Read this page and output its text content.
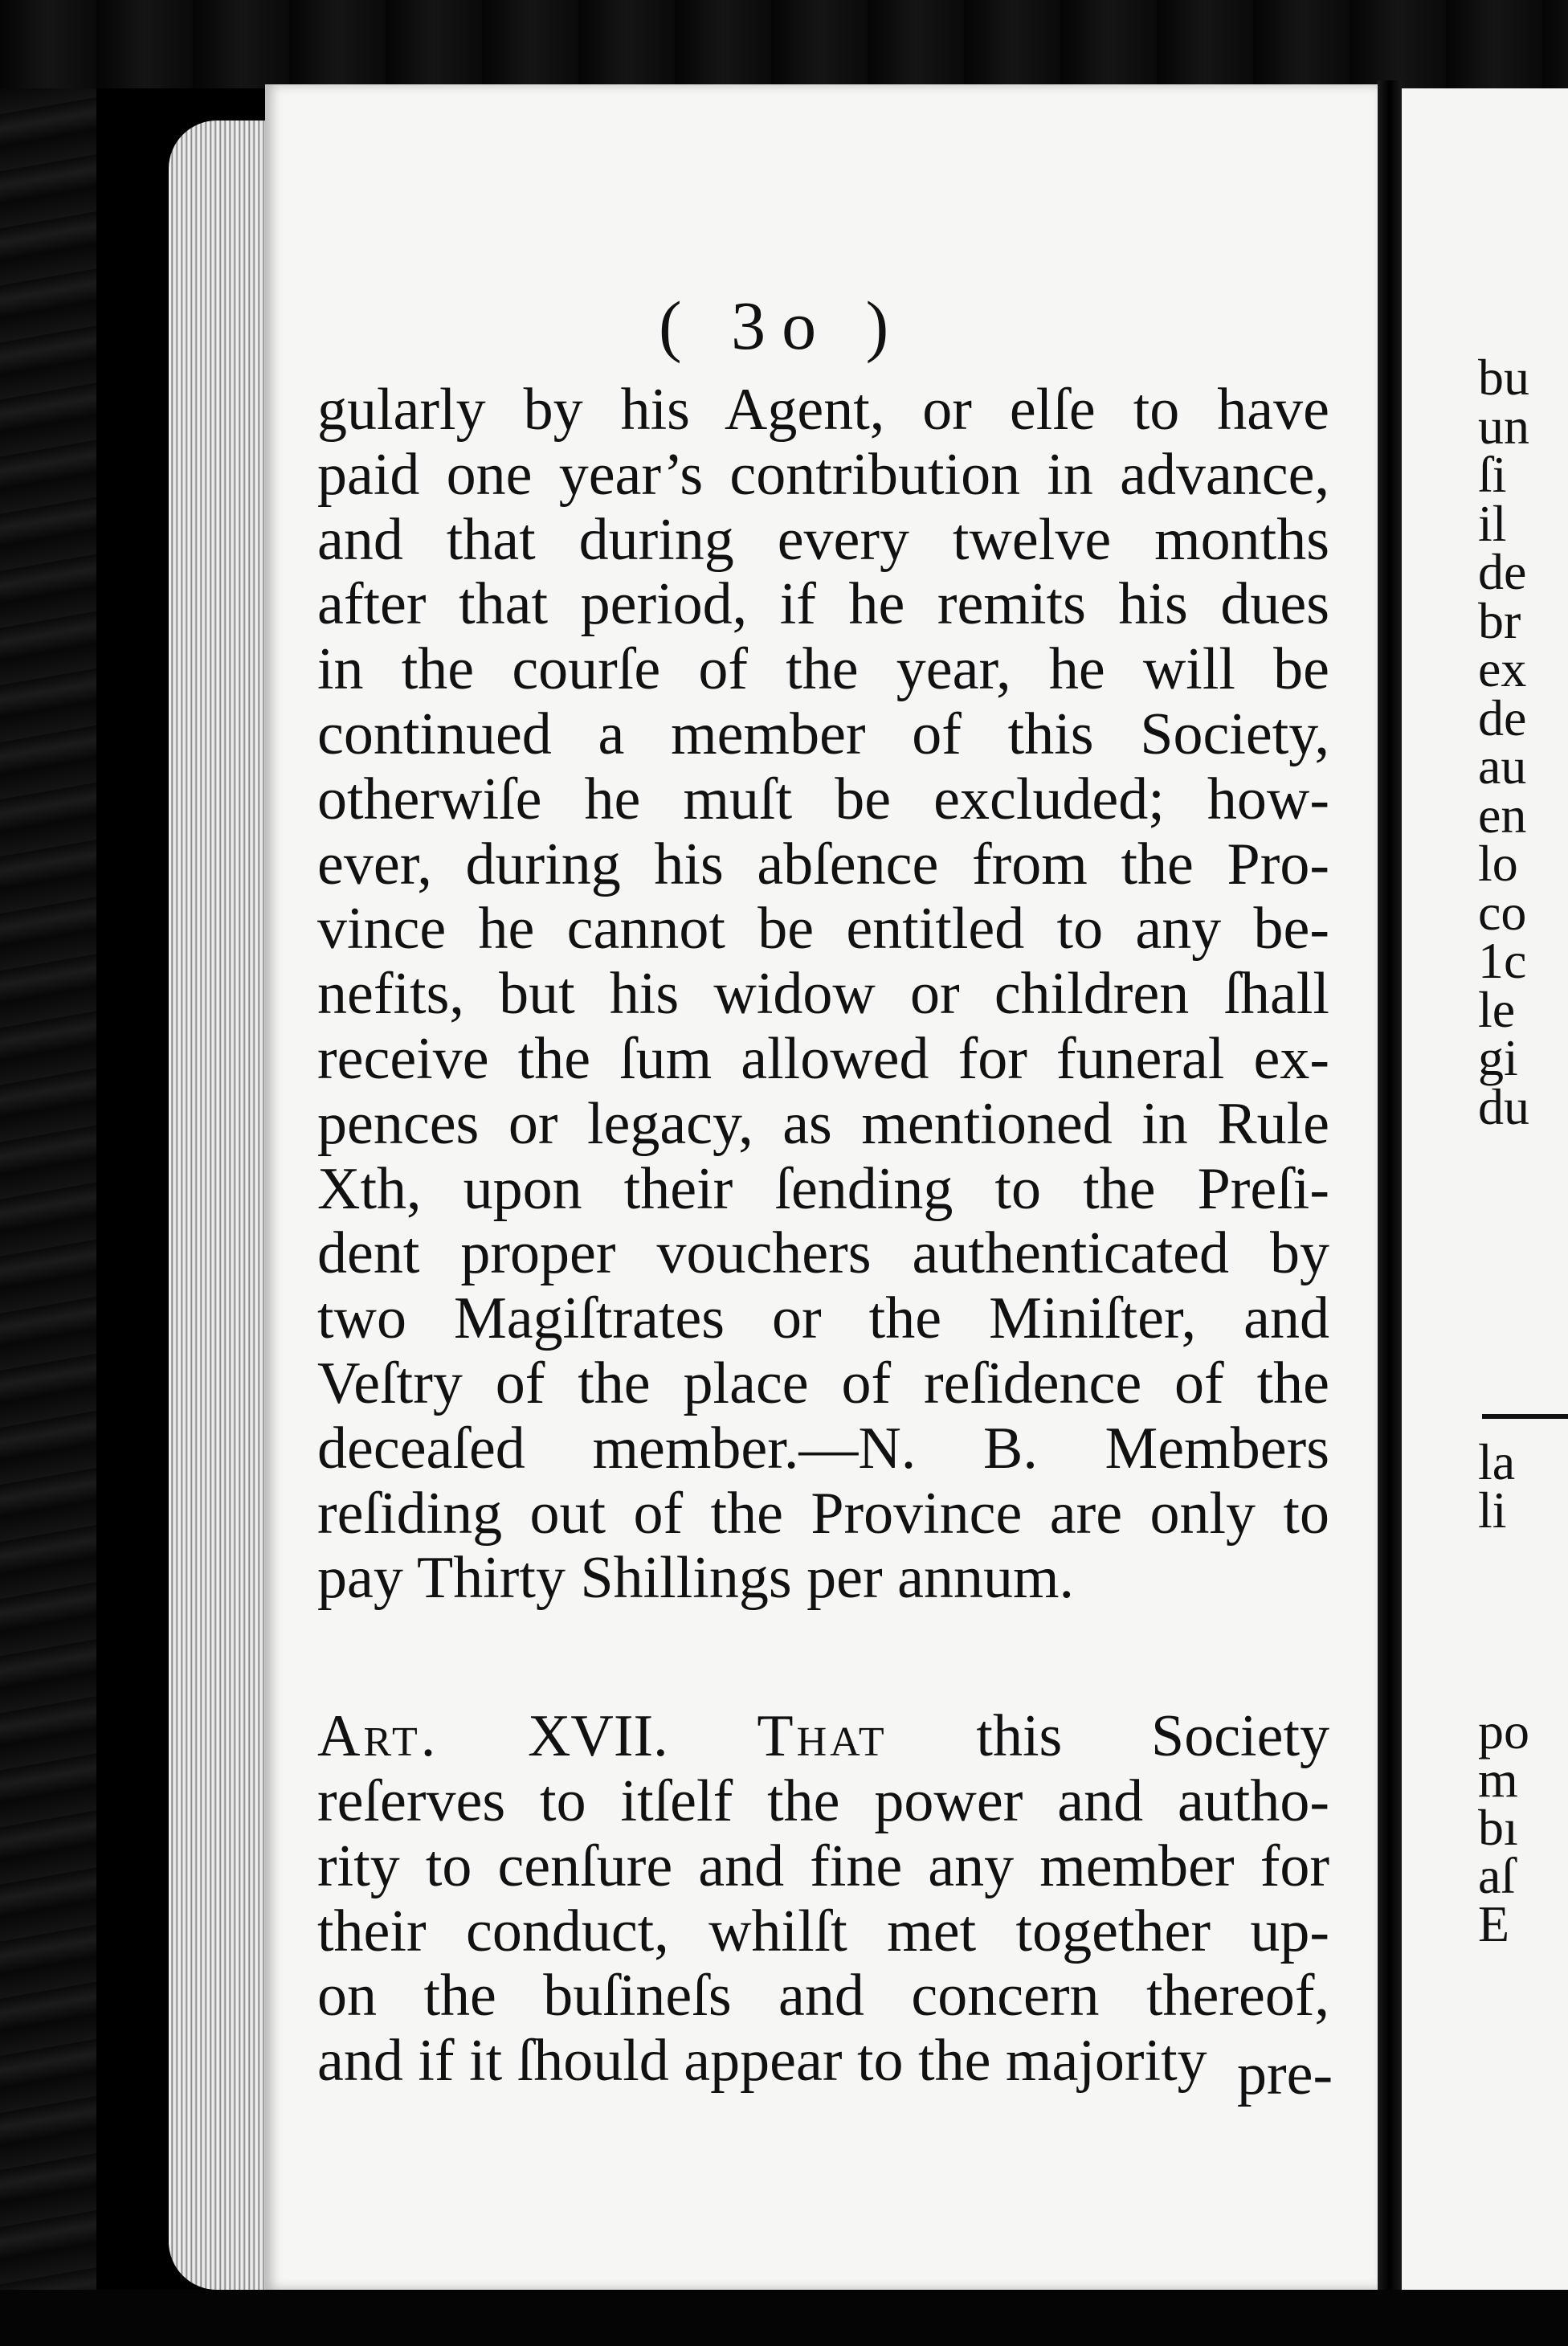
( 3o )

gularly by his Agent, or elſe to have

paid one year’s contribution in advance,

and that during every twelve months

after that period, if he remits his dues

in the courſe of the year, he will be

continued a member of this Society,

otherwiſe he muſt be excluded; how-

ever, during his abſence from the Pro-

vince he cannot be entitled to any be-

nefits, but his widow or children ſhall

receive the ſum allowed for funeral ex-

pences or legacy, as mentioned in Rule

Xth, upon their ſending to the Preſi-

dent proper vouchers authenticated by

two Magiſtrates or the Miniſter, and

Veſtry of the place of reſidence of the

deceaſed member.—N. B. Members

reſiding out of the Province are only to

pay Thirty Shillings per annum.

Art. XVII. That this Society

reſerves to itſelf the power and autho-

rity to cenſure and fine any member for

their conduct, whilſt met together up-

on the buſineſs and concern thereof,

and if it ſhould appear to the majority pre-

bu

un

ſi

il

de

br

ex

de

au

en

lo

co

1c

le

gi

du

la

li

po

m

bı

aſ

E
